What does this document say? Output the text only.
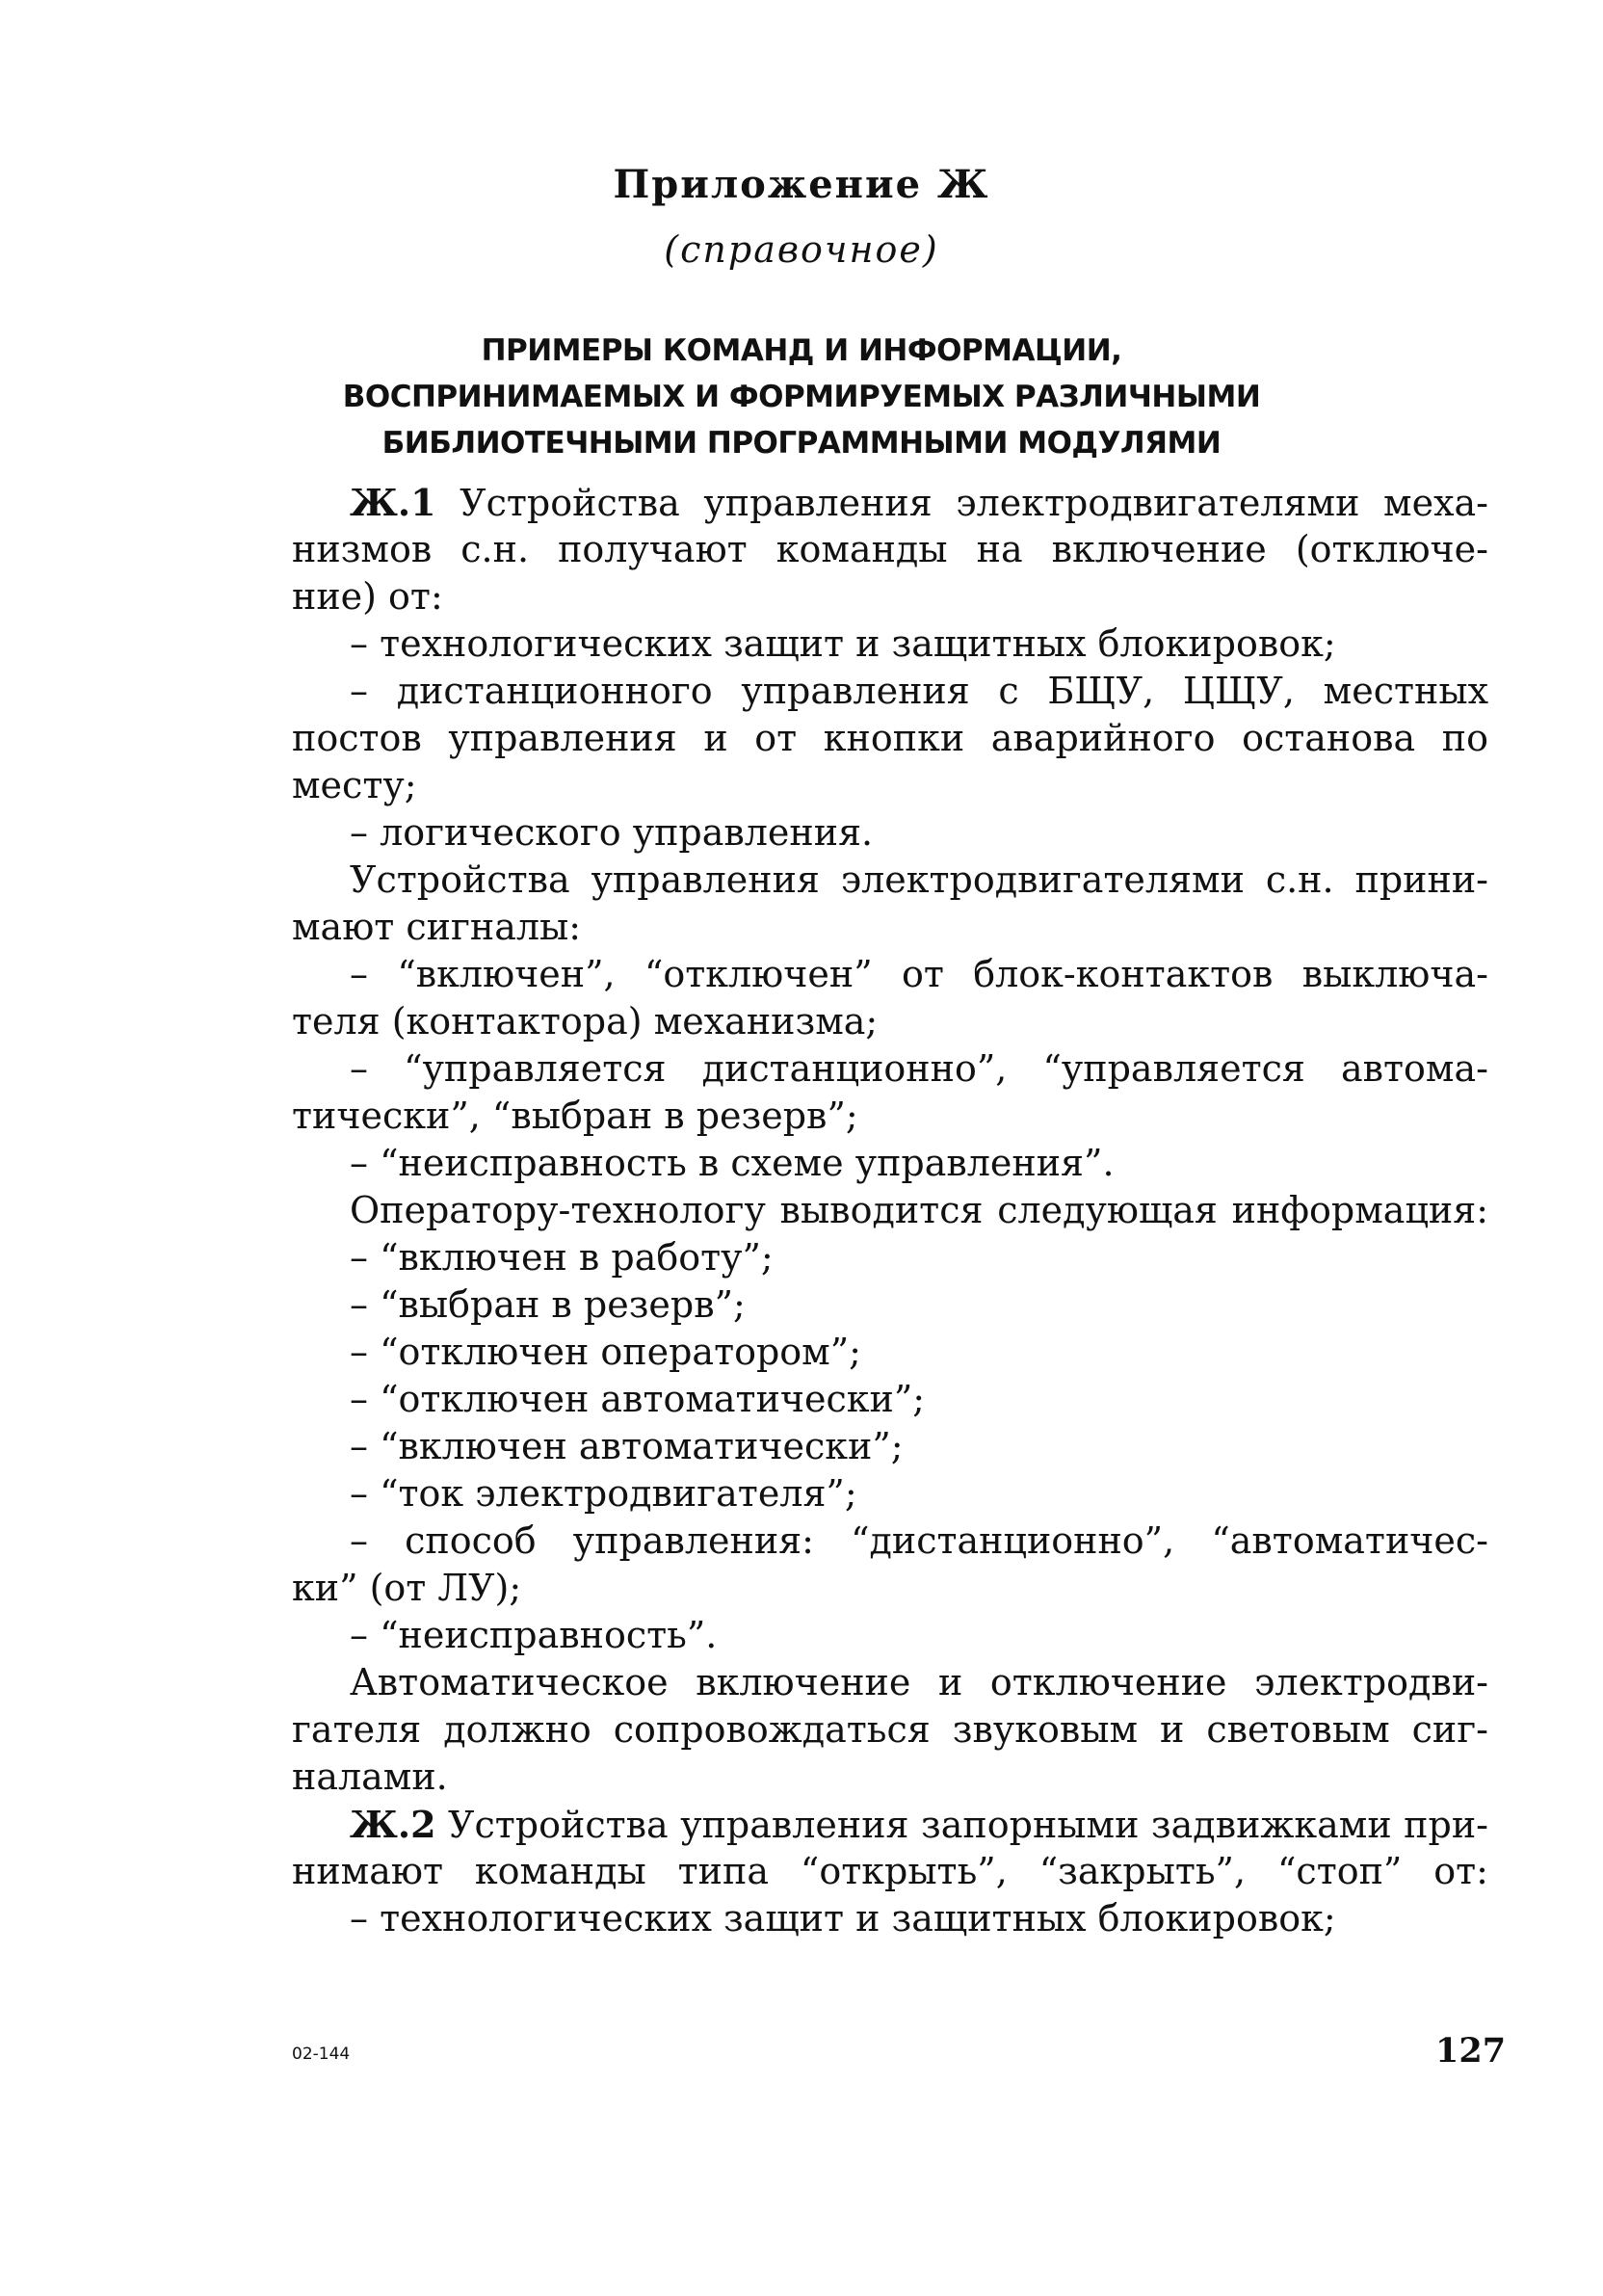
Приложение Ж
(справочное)
ПРИМЕРЫ КОМАНД И ИНФОРМАЦИИ,
ВОСПРИНИМАЕМЫХ И ФОРМИРУЕМЫХ РАЗЛИЧНЫМИ
БИБЛИОТЕЧНЫМИ ПРОГРАММНЫМИ МОДУЛЯМИ
Ж.1 Устройства управления электродвигателями меха-
низмов с.н. получают команды на включение (отключе-
ние) от:
– технологических защит и защитных блокировок;
– дистанционного управления с БЩУ, ЦЩУ, местных
постов управления и от кнопки аварийного останова по
месту;
– логического управления.
Устройства управления электродвигателями с.н. прини-
мают сигналы:
– “включен”, “отключен” от блок-контактов выключа-
теля (контактора) механизма;
– “управляется дистанционно”, “управляется автома-
тически”, “выбран в резерв”;
– “неисправность в схеме управления”.
Оператору-технологу выводится следующая информация:
– “включен в работу”;
– “выбран в резерв”;
– “отключен оператором”;
– “отключен автоматически”;
– “включен автоматически”;
– “ток электродвигателя”;
– способ управления: “дистанционно”, “автоматичес-
ки” (от ЛУ);
– “неисправность”.
Автоматическое включение и отключение электродви-
гателя должно сопровождаться звуковым и световым сиг-
налами.
Ж.2 Устройства управления запорными задвижками при-
нимают команды типа “открыть”, “закрыть”, “стоп” от:
– технологических защит и защитных блокировок;
02-144	127
